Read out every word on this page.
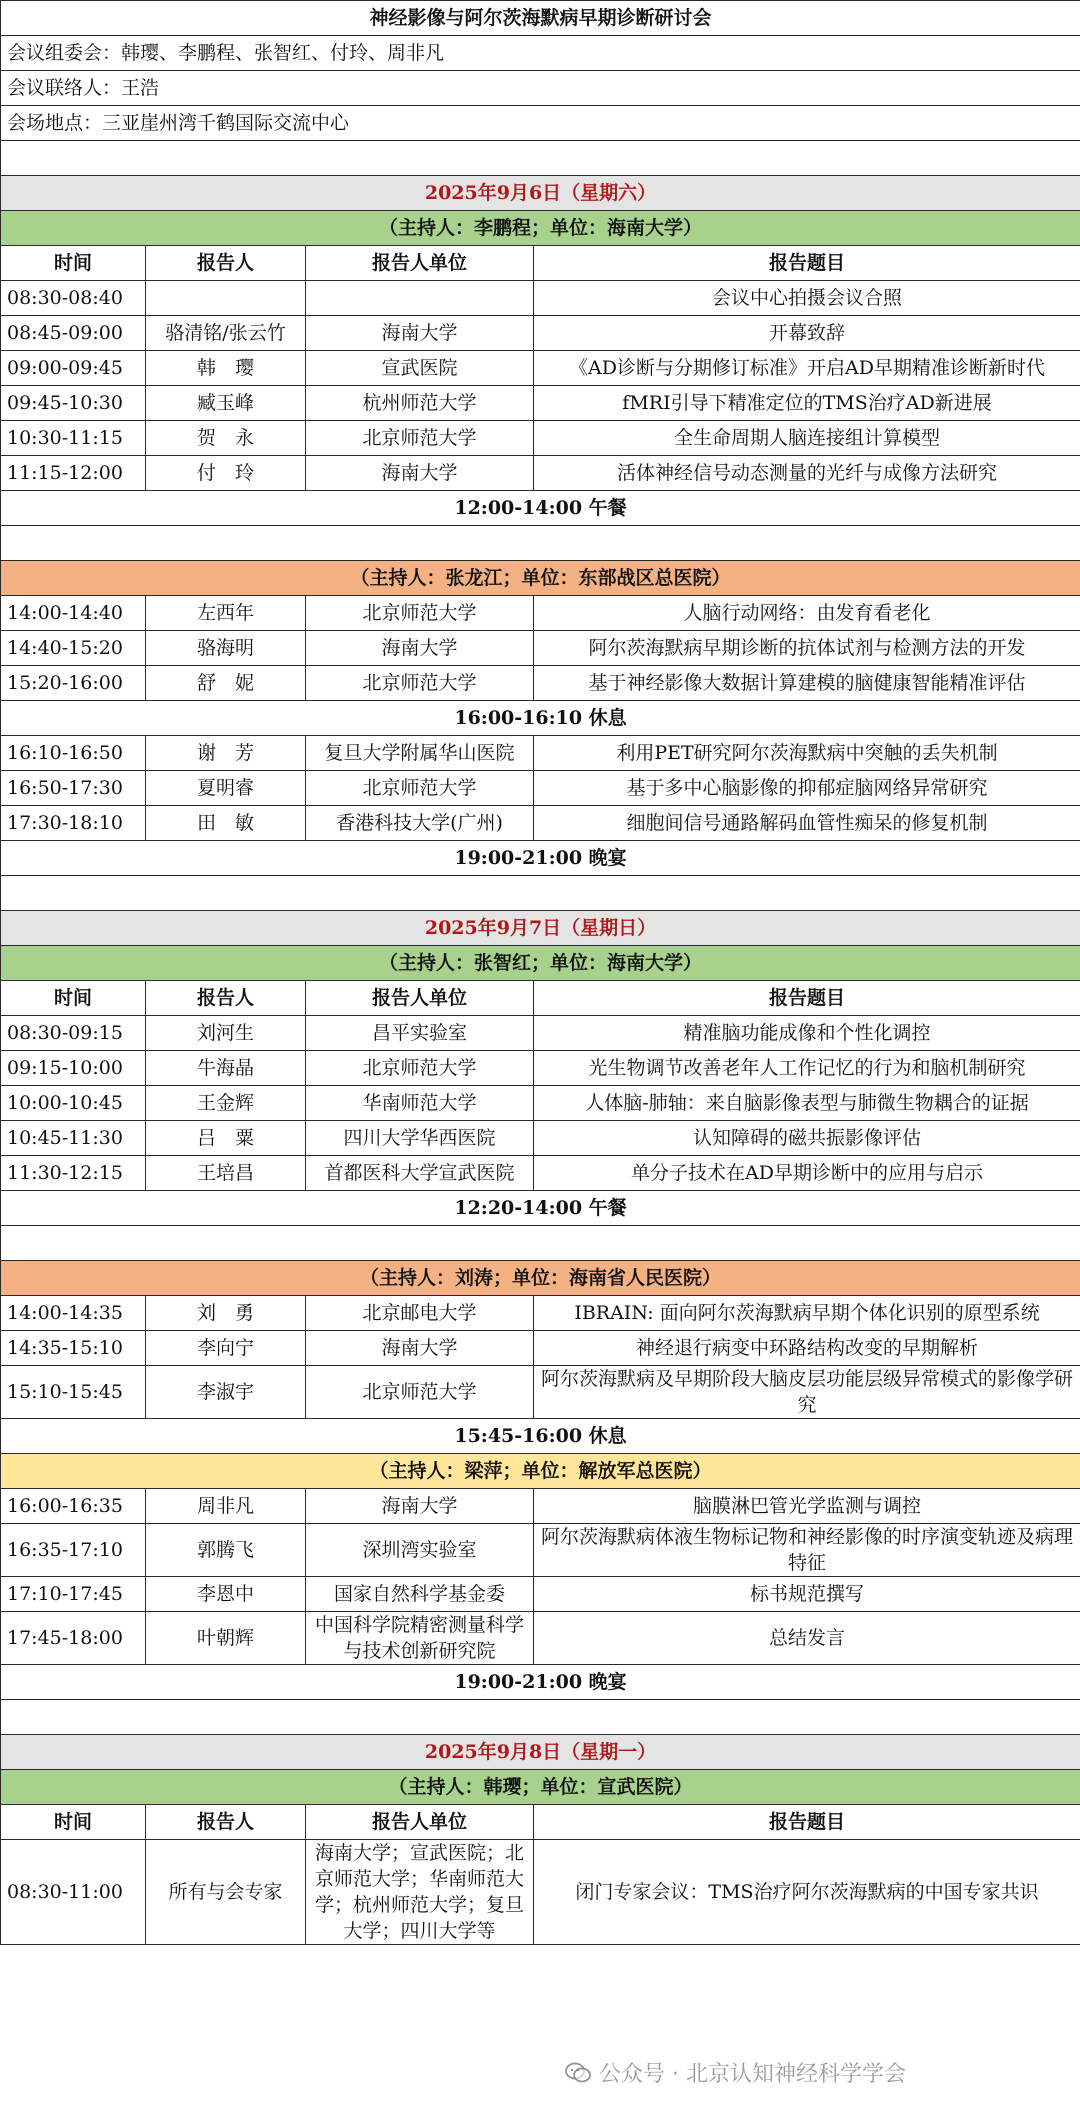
神经影像与阿尔茨海默病早期诊断研讨会			
会议组委会：韩璎、李鹏程、张智红、付玲、周非凡			
会议联络人：王浩			
会场地点：三亚崖州湾千鹤国际交流中心			

2025年9月6日（星期六）			
（主持人：李鹏程；单位：海南大学）			
时间	报告人	报告人单位	报告题目
08:30-08:40			会议中心拍摄会议合照
08:45-09:00	骆清铭/张云竹	海南大学	开幕致辞
09:00-09:45	韩　璎	宣武医院	《AD诊断与分期修订标准》开启AD早期精准诊断新时代
09:45-10:30	臧玉峰	杭州师范大学	fMRI引导下精准定位的TMS治疗AD新进展
10:30-11:15	贺　永	北京师范大学	全生命周期人脑连接组计算模型
11:15-12:00	付　玲	海南大学	活体神经信号动态测量的光纤与成像方法研究
12:00-14:00 午餐			

（主持人：张龙江；单位：东部战区总医院）			
14:00-14:40	左西年	北京师范大学	人脑行动网络：由发育看老化
14:40-15:20	骆海明	海南大学	阿尔茨海默病早期诊断的抗体试剂与检测方法的开发
15:20-16:00	舒　妮	北京师范大学	基于神经影像大数据计算建模的脑健康智能精准评估
16:00-16:10 休息			
16:10-16:50	谢　芳	复旦大学附属华山医院	利用PET研究阿尔茨海默病中突触的丢失机制
16:50-17:30	夏明睿	北京师范大学	基于多中心脑影像的抑郁症脑网络异常研究
17:30-18:10	田　敏	香港科技大学(广州)	细胞间信号通路解码血管性痴呆的修复机制
19:00-21:00 晚宴			

2025年9月7日（星期日）			
（主持人：张智红；单位：海南大学）			
时间	报告人	报告人单位	报告题目
08:30-09:15	刘河生	昌平实验室	精准脑功能成像和个性化调控
09:15-10:00	牛海晶	北京师范大学	光生物调节改善老年人工作记忆的行为和脑机制研究
10:00-10:45	王金辉	华南师范大学	人体脑-肺轴：来自脑影像表型与肺微生物耦合的证据
10:45-11:30	吕　粟	四川大学华西医院	认知障碍的磁共振影像评估
11:30-12:15	王培昌	首都医科大学宣武医院	单分子技术在AD早期诊断中的应用与启示
12:20-14:00 午餐			

（主持人：刘涛；单位：海南省人民医院）			
14:00-14:35	刘　勇	北京邮电大学	IBRAIN: 面向阿尔茨海默病早期个体化识别的原型系统
14:35-15:10	李向宁	海南大学	神经退行病变中环路结构改变的早期解析
15:10-15:45	李淑宇	北京师范大学	阿尔茨海默病及早期阶段大脑皮层功能层级异常模式的影像学研究
15:45-16:00 休息			
（主持人：梁萍；单位：解放军总医院）			
16:00-16:35	周非凡	海南大学	脑膜淋巴管光学监测与调控
16:35-17:10	郭腾飞	深圳湾实验室	阿尔茨海默病体液生物标记物和神经影像的时序演变轨迹及病理特征
17:10-17:45	李恩中	国家自然科学基金委	标书规范撰写
17:45-18:00	叶朝辉	中国科学院精密测量科学与技术创新研究院	总结发言
19:00-21:00 晚宴			

2025年9月8日（星期一）			
（主持人：韩璎；单位：宣武医院）			
时间	报告人	报告人单位	报告题目
08:30-11:00	所有与会专家	海南大学；宣武医院；北京师范大学；华南师范大学；杭州师范大学；复旦大学；四川大学等	闭门专家会议：TMS治疗阿尔茨海默病的中国专家共识
公众号 · 北京认知神经科学学会
